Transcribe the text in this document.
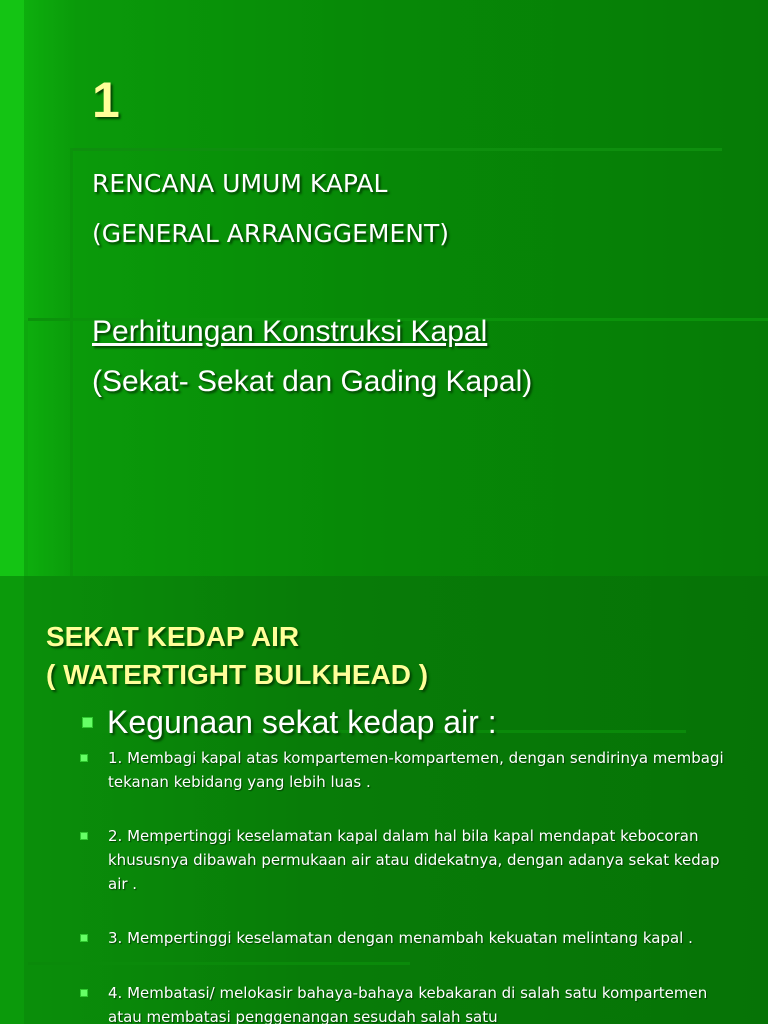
1

RENCANA UMUM KAPAL

(GENERAL ARRANGGEMENT)

Perhitungan Konstruksi Kapal

(Sekat- Sekat dan Gading Kapal)

SEKAT KEDAP AIR
( WATERTIGHT BULKHEAD )
Kegunaan sekat kedap air :
1. Membagi kapal atas kompartemen-kompartemen, dengan sendirinya membagi tekanan kebidang yang lebih luas .
2. Mempertinggi keselamatan kapal dalam hal bila kapal mendapat kebocoran khususnya dibawah permukaan air atau didekatnya, dengan adanya sekat kedap air .
3. Mempertinggi keselamatan dengan menambah kekuatan melintang kapal .
4. Membatasi/ melokasir bahaya-bahaya kebakaran di salah satu kompartemen atau membatasi penggenangan sesudah salah satu
